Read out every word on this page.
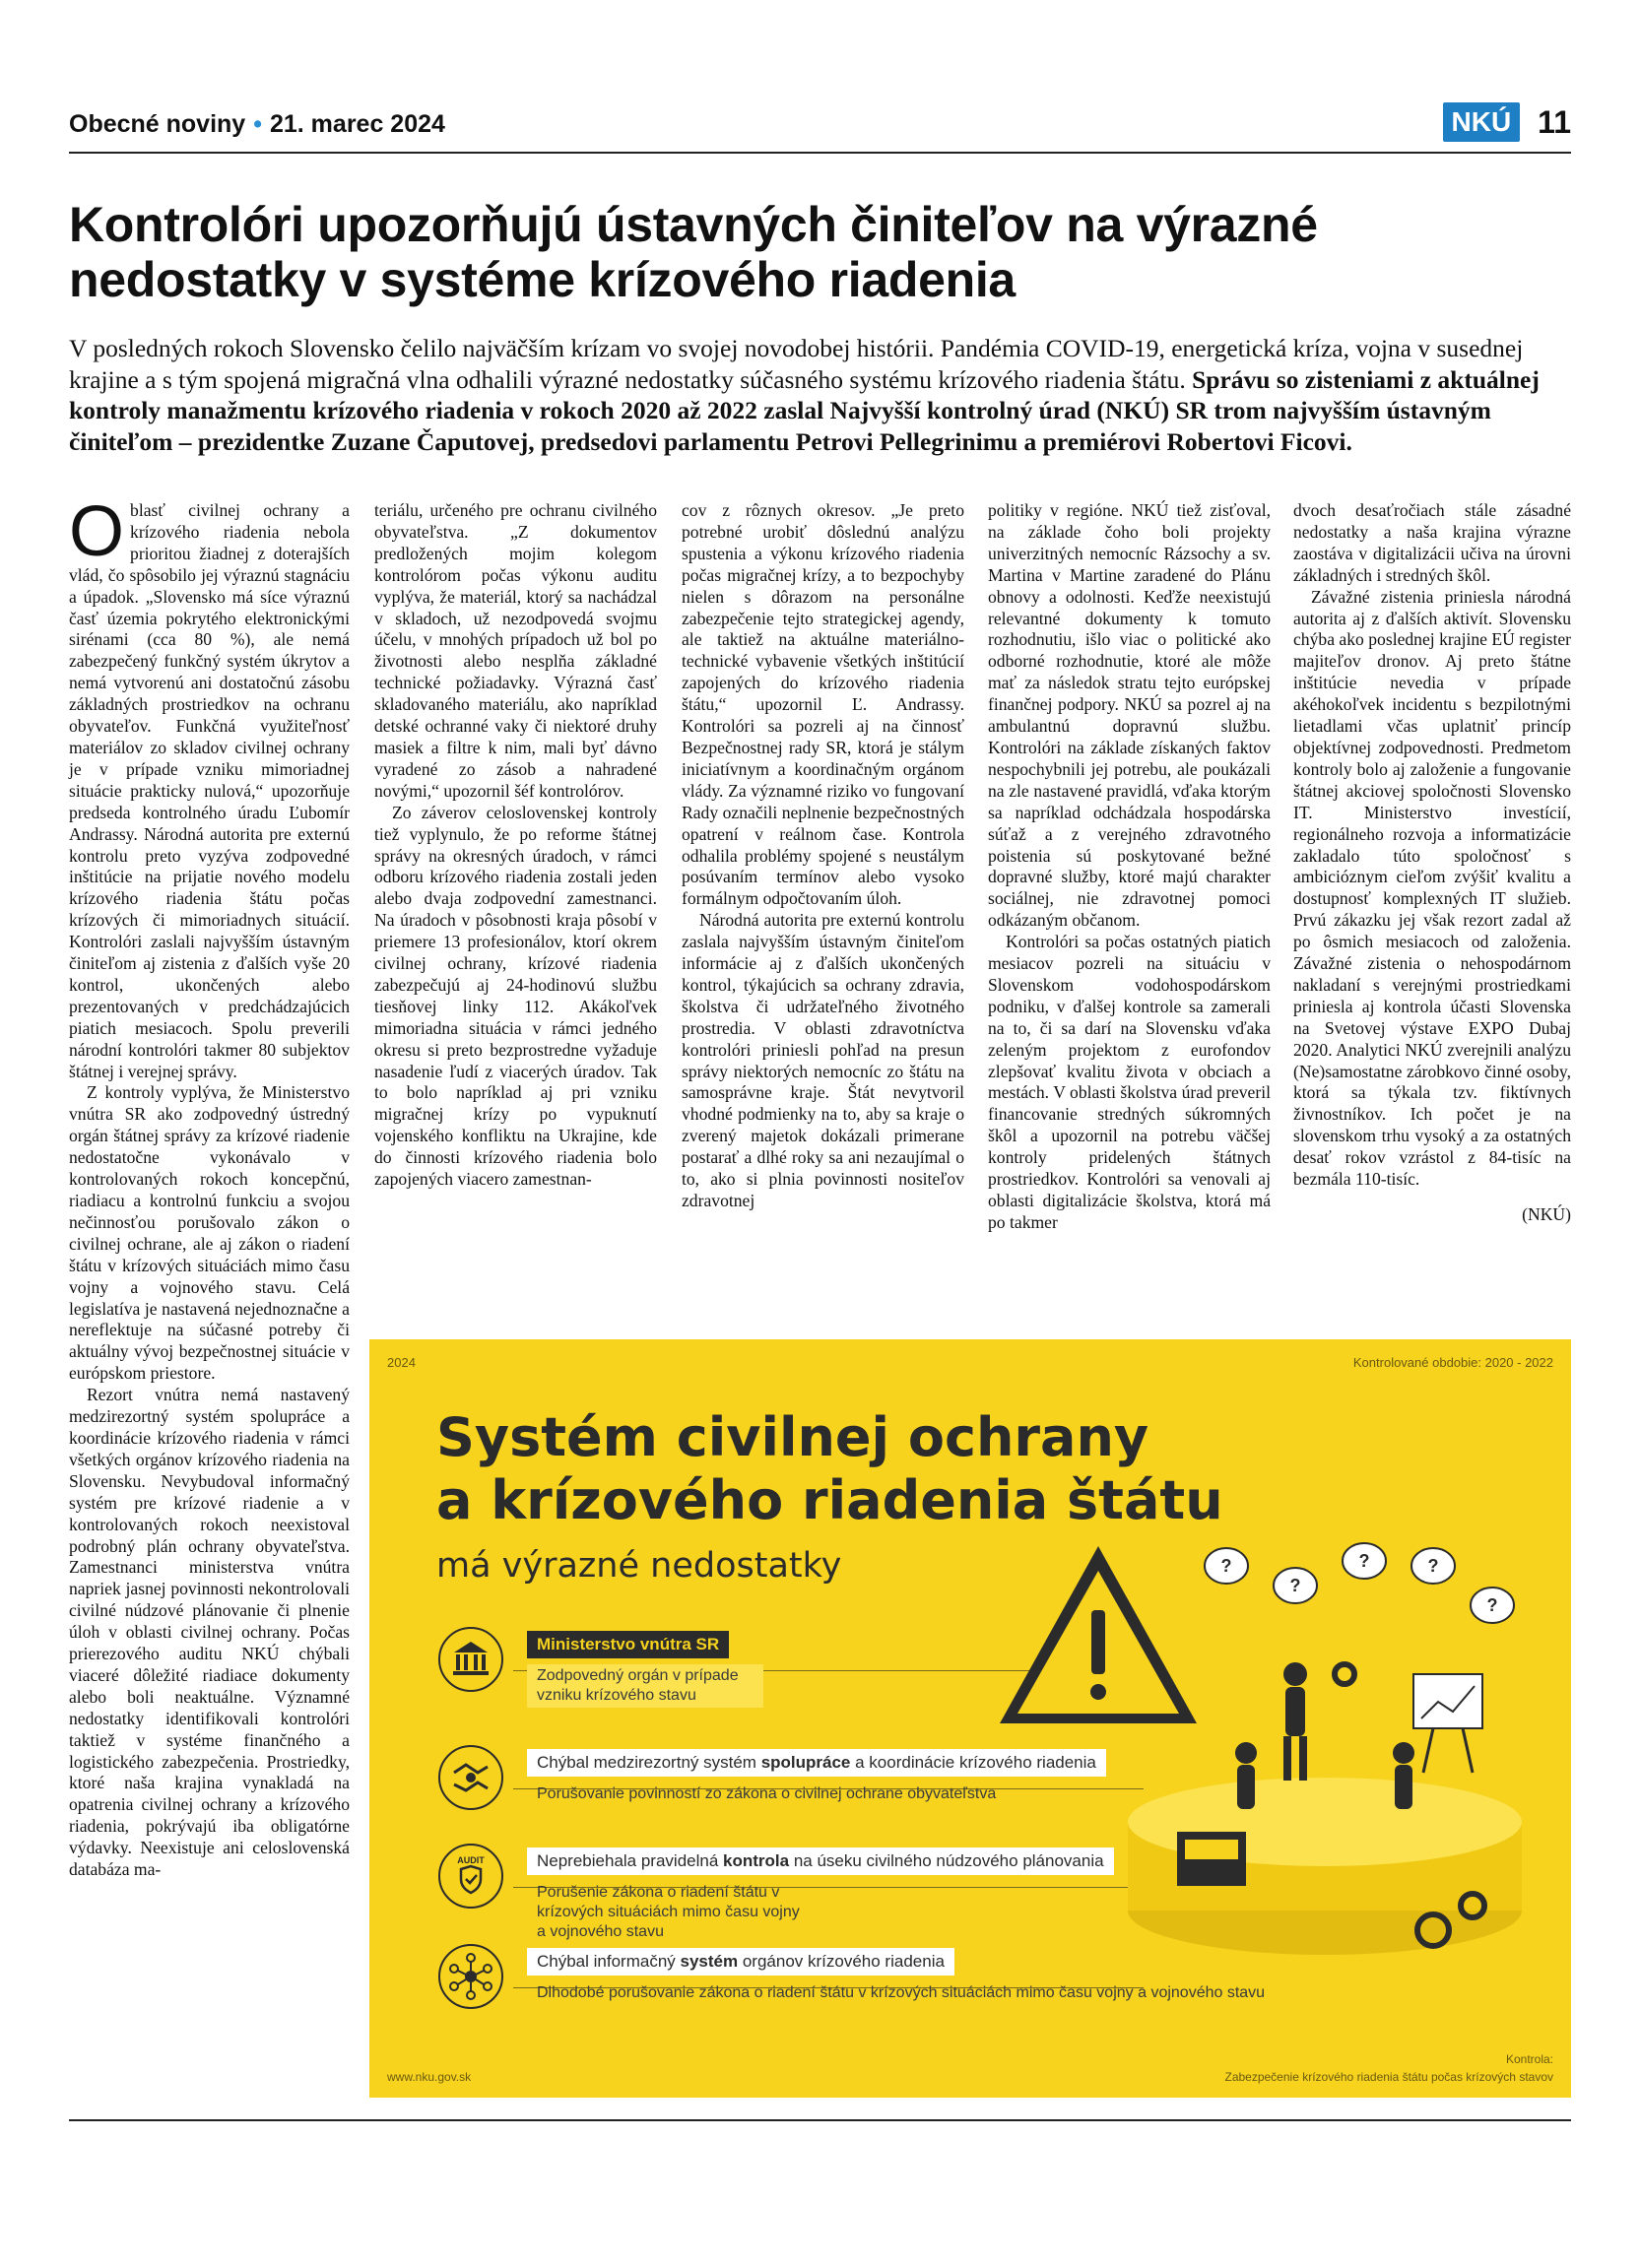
Obecné noviny • 21. marec 2024	NKÚ 11
Kontrolóri upozorňujú ústavných činiteľov na výrazné
nedostatky v systéme krízového riadenia
V posledných rokoch Slovensko čelilo najväčším krízam vo svojej novodobej histórii. Pandémia COVID-19, energetická kríza, vojna v susednej krajine a s tým spojená migračná vlna odhalili výrazné nedostatky súčasného systému krízového riadenia štátu. Správu so zisteniami z aktuálnej kontroly manažmentu krízového riadenia v rokoch 2020 až 2022 zaslal Najvyšší kontrolný úrad (NKÚ) SR trom najvyšším ústavným činiteľom – prezidentke Zuzane Čaputovej, predsedovi parlamentu Petrovi Pellegrinimu a premiérovi Robertovi Ficovi.

Oblasť civilnej ochrany a krízového riadenia nebola prioritou žiadnej z doterajších vlád, čo spôsobilo jej výraznú stagnáciu a úpadok. „Slovensko má síce výraznú časť územia pokrytého elektronickými sirénami (cca 80 %), ale nemá zabezpečený funkčný systém úkrytov a nemá vytvorenú ani dostatočnú zásobu základných prostriedkov na ochranu obyvateľov. Funkčná využiteľnosť materiálov zo skladov civilnej ochrany je v prípade vzniku mimoriadnej situácie prakticky nulová,“ upozorňuje predseda kontrolného úradu Ľubomír Andrassy. Národná autorita pre externú kontrolu preto vyzýva zodpovedné inštitúcie na prijatie nového modelu krízového riadenia štátu počas krízových či mimoriadnych situácií. Kontrolóri zaslali najvyšším ústavným činiteľom aj zistenia z ďalších vyše 20 kontrol, ukončených alebo prezentovaných v predchádzajúcich piatich mesiacoch. Spolu preverili národní kontrolóri takmer 80 subjektov štátnej i verejnej správy.

Z kontroly vyplýva, že Ministerstvo vnútra SR ako zodpovedný ústredný orgán štátnej správy za krízové riadenie nedostatočne vykonávalo v kontrolovaných rokoch koncepčnú, riadiacu a kontrolnú funkciu a svojou nečinnosťou porušovalo zákon o civilnej ochrane, ale aj zákon o riadení štátu v krízových situáciách mimo času vojny a vojnového stavu. Celá legislatíva je nastavená nejednoznačne a nereflektuje na súčasné potreby či aktuálny vývoj bezpečnostnej situácie v európskom priestore.

Rezort vnútra nemá nastavený medzirezortný systém spolupráce a koordinácie krízového riadenia v rámci všetkých orgánov krízového riadenia na Slovensku. Nevybudoval informačný systém pre krízové riadenie a v kontrolovaných rokoch neexistoval podrobný plán ochrany obyvateľstva. Zamestnanci ministerstva vnútra napriek jasnej povinnosti nekontrolovali civilné núdzové plánovanie či plnenie úloh v oblasti civilnej ochrany. Počas prierezového auditu NKÚ chýbali viaceré dôležité riadiace dokumenty alebo boli neaktuálne. Významné nedostatky identifikovali kontrolóri taktiež v systéme finančného a logistického zabezpečenia. Prostriedky, ktoré naša krajina vynakladá na opatrenia civilnej ochrany a krízového riadenia, pokrývajú iba obligatórne výdavky. Neexistuje ani celoslovenská databáza ma-

teriálu, určeného pre ochranu civilného obyvateľstva. „Z dokumentov predložených mojim kolegom kontrolórom počas výkonu auditu vyplýva, že materiál, ktorý sa nachádzal v skladoch, už nezodpovedá svojmu účelu, v mnohých prípadoch už bol po životnosti alebo nesplňa základné technické požiadavky. Výrazná časť skladovaného materiálu, ako napríklad detské ochranné vaky či niektoré druhy masiek a filtre k nim, mali byť dávno vyradené zo zásob a nahradené novými,“ upozornil šéf kontrolórov.

Zo záverov celoslovenskej kontroly tiež vyplynulo, že po reforme štátnej správy na okresných úradoch, v rámci odboru krízového riadenia zostali jeden alebo dvaja zodpovední zamestnanci. Na úradoch v pôsobnosti kraja pôsobí v priemere 13 profesionálov, ktorí okrem civilnej ochrany, krízové riadenia zabezpečujú aj 24-hodinovú službu tiesňovej linky 112. Akákoľvek mimoriadna situácia v rámci jedného okresu si preto bezprostredne vyžaduje nasadenie ľudí z viacerých úradov. Tak to bolo napríklad aj pri vzniku migračnej krízy po vypuknutí vojenského konfliktu na Ukrajine, kde do činnosti krízového riadenia bolo zapojených viacero zamestnan-

cov z rôznych okresov. „Je preto potrebné urobiť dôslednú analýzu spustenia a výkonu krízového riadenia počas migračnej krízy, a to bezpochyby nielen s dôrazom na personálne zabezpečenie tejto strategickej agendy, ale taktiež na aktuálne materiálno-technické vybavenie všetkých inštitúcií zapojených do krízového riadenia štátu,“ upozornil Ľ. Andrassy. Kontrolóri sa pozreli aj na činnosť Bezpečnostnej rady SR, ktorá je stálym iniciatívnym a koordinačným orgánom vlády. Za významné riziko vo fungovaní Rady označili neplnenie bezpečnostných opatrení v reálnom čase. Kontrola odhalila problémy spojené s neustálym posúvaním termínov alebo vysoko formálnym odpočtovaním úloh.

Národná autorita pre externú kontrolu zaslala najvyšším ústavným činiteľom informácie aj z ďalších ukončených kontrol, týkajúcich sa ochrany zdravia, školstva či udržateľného životného prostredia. V oblasti zdravotníctva kontrolóri priniesli pohľad na presun správy niektorých nemocníc zo štátu na samosprávne kraje. Štát nevytvoril vhodné podmienky na to, aby sa kraje o zverený majetok dokázali primerane postarať a dlhé roky sa ani nezaujímal o to, ako si plnia povinnosti nositeľov zdravotnej

politiky v regióne. NKÚ tiež zisťoval, na základe čoho boli projekty univerzitných nemocníc Rázsochy a sv. Martina v Martine zaradené do Plánu obnovy a odolnosti. Keďže neexistujú relevantné dokumenty k tomuto rozhodnutiu, išlo viac o politické ako odborné rozhodnutie, ktoré ale môže mať za následok stratu tejto európskej finančnej podpory. NKÚ sa pozrel aj na ambulantnú dopravnú službu. Kontrolóri na základe získaných faktov nespochybnili jej potrebu, ale poukázali na zle nastavené pravidlá, vďaka ktorým sa napríklad odchádzala hospodárska súťaž a z verejného zdravotného poistenia sú poskytované bežné dopravné služby, ktoré majú charakter sociálnej, nie zdravotnej pomoci odkázaným občanom.

Kontrolóri sa počas ostatných piatich mesiacov pozreli na situáciu v Slovenskom vodohospodárskom podniku, v ďalšej kontrole sa zamerali na to, či sa darí na Slovensku vďaka zeleným projektom z eurofondov zlepšovať kvalitu života v obciach a mestách. V oblasti školstva úrad preveril financovanie stredných súkromných škôl a upozornil na potrebu väčšej kontroly pridelených štátnych prostriedkov. Kontrolóri sa venovali aj oblasti digitalizácie školstva, ktorá má po takmer

dvoch desaťročiach stále zásadné nedostatky a naša krajina výrazne zaostáva v digitalizácii učiva na úrovni základných i stredných škôl.

Závažné zistenia priniesla národná autorita aj z ďalších aktivít. Slovensku chýba ako poslednej krajine EÚ register majiteľov dronov. Aj preto štátne inštitúcie nevedia v prípade akéhokoľvek incidentu s bezpilotnými lietadlami včas uplatniť princíp objektívnej zodpovednosti. Predmetom kontroly bolo aj založenie a fungovanie štátnej akciovej spoločnosti Slovensko IT. Ministerstvo investícií, regionálneho rozvoja a informatizácie zakladalo túto spoločnosť s ambicióznym cieľom zvýšiť kvalitu a dostupnosť komplexných IT služieb. Prvú zákazku jej však rezort zadal až po ôsmich mesiacoch od založenia. Závažné zistenia o nehospodárnom nakladaní s verejnými prostriedkami priniesla aj kontrola účasti Slovenska na Svetovej výstave EXPO Dubaj 2020. Analytici NKÚ zverejnili analýzu (Ne)samostatne zárobkovo činné osoby, ktorá sa týkala tzv. fiktívnych živnostníkov. Ich počet je na slovenskom trhu vysoký a za ostatných desať rokov vzrástol z 84-tisíc na bezmála 110-tisíc.

(NKÚ)
2024	Kontrolované obdobie: 2020 - 2022
Systém civilnej ochrany
a krízového riadenia štátu
má výrazné nedostatky
Ministerstvo vnútra SR
Zodpovedný orgán v prípade vzniku krízového stavu
Chýbal medzirezortný systém spolupráce a koordinácie krízového riadenia
Porušovanie povinností zo zákona o civilnej ochrane obyvateľstva
AUDIT	Neprebiehala pravidelná kontrola na úseku civilného núdzového plánovania
Porušenie zákona o riadení štátu v krízových situáciách mimo času vojny a vojnového stavu
Chýbal informačný systém orgánov krízového riadenia
Dlhodobé porušovanie zákona o riadení štátu v krízových situáciách mimo času vojny a vojnového stavu
?
?
?	?
?
www.nku.gov.sk
Kontrola:
Zabezpečenie krízového riadenia štátu počas krízových stavov
